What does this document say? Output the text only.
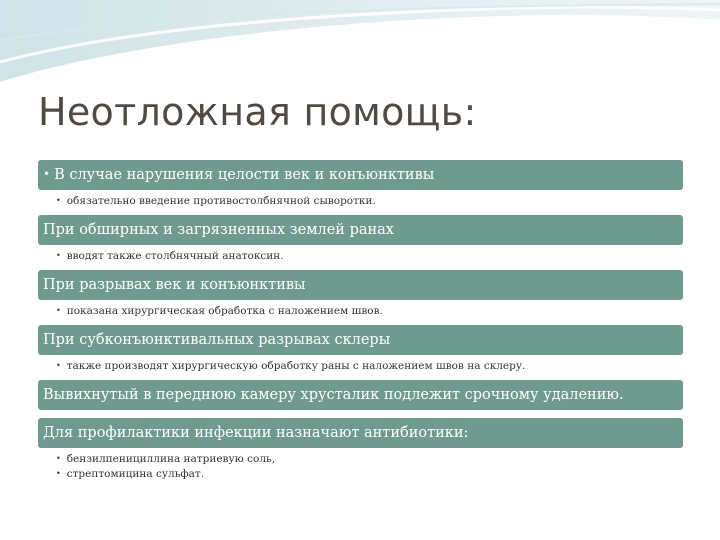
Неотложная помощь:
• В случае нарушения целости век и конъюнктивы
• обязательно введение противостолбнячной сыворотки.
При обширных и загрязненных землей ранах
• вводят также столбнячный анатоксин.
При разрывах век и конъюнктивы
• показана хирургическая обработка с наложением швов.
При субконъюнктивальных разрывах склеры
• также производят хирургическую обработку раны с наложением швов на склеру.
Вывихнутый в переднюю камеру хрусталик подлежит срочному удалению.
Для профилактики инфекции назначают антибиотики:
• бензилпенициллина натриевую соль,
• стрептомицина сульфат.
